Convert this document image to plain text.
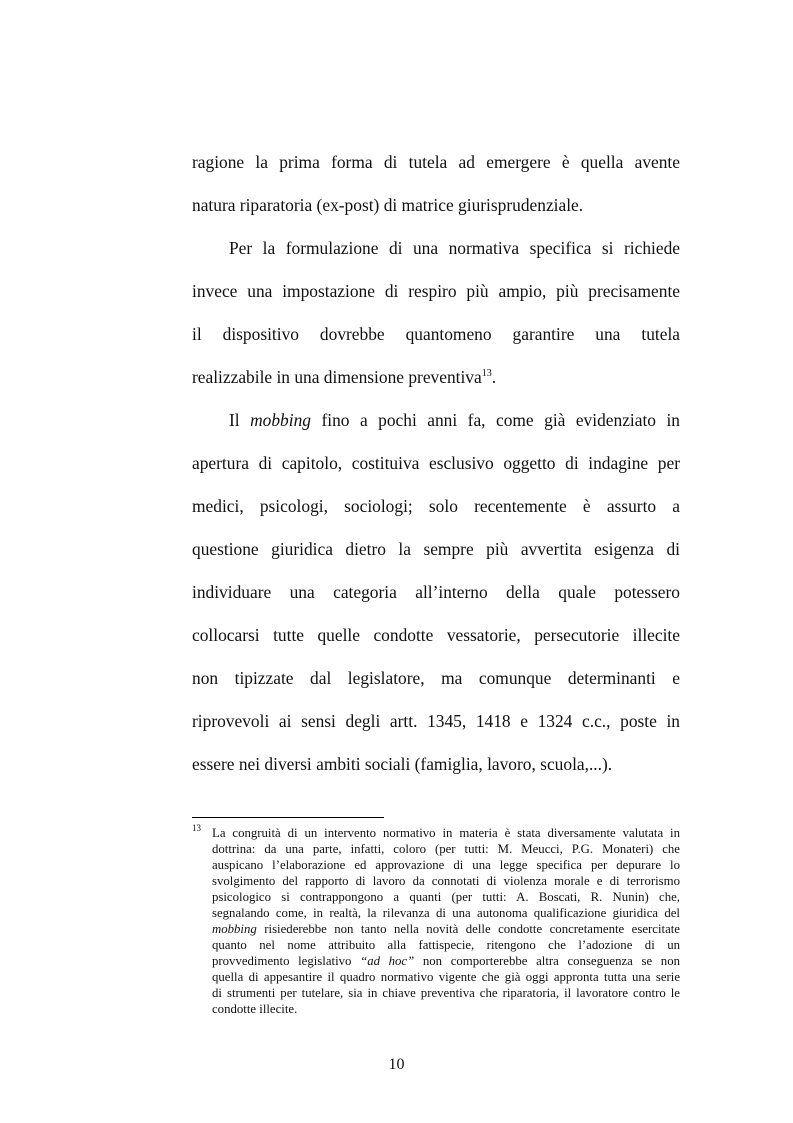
ragione la prima forma di tutela ad emergere è quella avente

natura riparatoria (ex-post) di matrice giurisprudenziale.

Per la formulazione di una normativa specifica si richiede

invece una impostazione di respiro più ampio, più precisamente

il dispositivo dovrebbe quantomeno garantire una tutela

realizzabile in una dimensione preventiva$^{13}$.

Il mobbing fino a pochi anni fa, come già evidenziato in

apertura di capitolo, costituiva esclusivo oggetto di indagine per

medici, psicologi, sociologi; solo recentemente è assurto a

questione giuridica dietro la sempre più avvertita esigenza di

individuare una categoria all’interno della quale potessero

collocarsi tutte quelle condotte vessatorie, persecutorie illecite

non tipizzate dal legislatore, ma comunque determinanti e

riprovevoli ai sensi degli artt. 1345, 1418 e 1324 c.c., poste in

essere nei diversi ambiti sociali (famiglia, lavoro, scuola,...).

13 La congruità di un intervento normativo in materia è stata diversamente valutata in

dottrina: da una parte, infatti, coloro (per tutti: M. Meucci, P.G. Monateri) che

auspicano l’elaborazione ed approvazione di una legge specifica per depurare lo

svolgimento del rapporto di lavoro da connotati di violenza morale e di terrorismo

psicologico si contrappongono a quanti (per tutti: A. Boscati, R. Nunin) che,

segnalando come, in realtà, la rilevanza di una autonoma qualificazione giuridica del

mobbing risiederebbe non tanto nella novità delle condotte concretamente esercitate

quanto nel nome attribuito alla fattispecie, ritengono che l’adozione di un

provvedimento legislativo “ad hoc” non comporterebbe altra conseguenza se non

quella di appesantire il quadro normativo vigente che già oggi appronta tutta una serie

di strumenti per tutelare, sia in chiave preventiva che riparatoria, il lavoratore contro le

condotte illecite.

10
